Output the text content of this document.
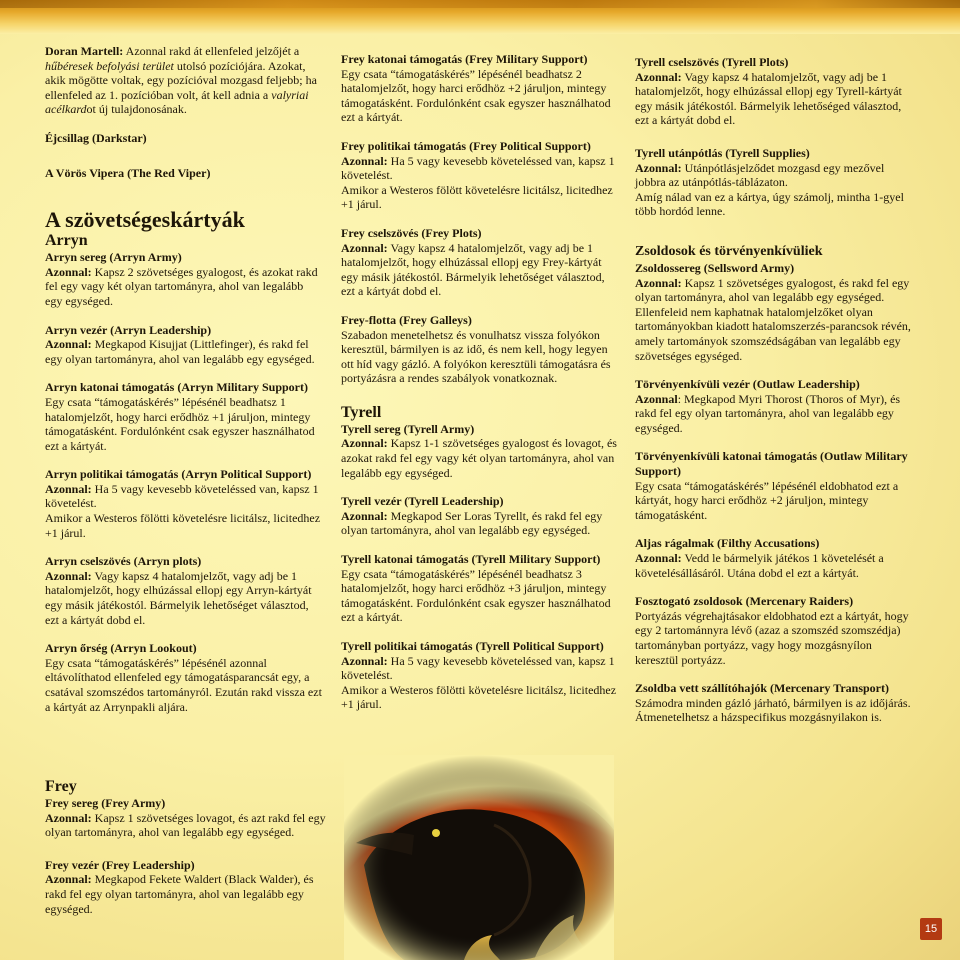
Doran Martell: Azonnal rakd át ellenfeled jelzőjét a hűbéresek befolyási terület utolsó pozíciójára. Azokat, akik mögötte voltak, egy pozícióval mozgasd feljebb; ha ellenfeled az 1. pozícióban volt, át kell adnia a valyriai acélkardot új tulajdonosának.

Éjcsillag (Darkstar)

A Vörös Vipera (The Red Viper)

A szövetségeskártyák

Arryn

Arryn sereg (Arryn Army)

Azonnal: Kapsz 2 szövetséges gyalogost, és azokat rakd fel egy vagy két olyan tartományra, ahol van legalább egy egységed.

Arryn vezér (Arryn Leadership)

Azonnal: Megkapod Kisujjat (Littlefinger), és rakd fel egy olyan tartományra, ahol van legalább egy egységed.

Arryn katonai támogatás (Arryn Military Support)

Egy csata “támogatáskérés” lépésénél beadhatsz 1 hatalomjelzőt, hogy harci erődhöz +1 járuljon, mintegy támogatásként. Fordulónként csak egyszer használhatod ezt a kártyát.

Arryn politikai támogatás (Arryn Political Support)

Azonnal: Ha 5 vagy kevesebb követeléssed van, kapsz 1 követelést.

Amikor a Westeros fölötti követelésre licitálsz, licitedhez +1 járul.

Arryn cselszövés (Arryn plots)

Azonnal: Vagy kapsz 4 hatalomjelzőt, vagy adj be 1 hatalomjelzőt, hogy elhúzással ellopj egy Arryn-kártyát egy másik játékostól. Bármelyik lehetőséget választod, ezt a kártyát dobd el.

Arryn őrség (Arryn Lookout)

Egy csata “támogatáskérés” lépésénél azonnal eltávolíthatod ellenfeled egy támogatásparancsát egy, a csatával szomszédos tartományról. Ezután rakd vissza ezt a kártyát az Arrynpakli aljára.

Frey katonai támogatás (Frey Military Support)

Egy csata “támogatáskérés” lépésénél beadhatsz 2 hatalomjelzőt, hogy harci erődhöz +2 járuljon, mintegy támogatásként. Fordulónként csak egyszer használhatod ezt a kártyát.

Frey politikai támogatás (Frey Political Support)

Azonnal: Ha 5 vagy kevesebb követeléssed van, kapsz 1 követelést.

Amikor a Westeros fölött követelésre licitálsz, licitedhez +1 járul.

Frey cselszövés (Frey Plots)

Azonnal: Vagy kapsz 4 hatalomjelzőt, vagy adj be 1 hatalomjelzőt, hogy elhúzással ellopj egy Frey-kártyát egy másik játékostól. Bármelyik lehetőséget választod, ezt a kártyát dobd el.

Frey-flotta (Frey Galleys)

Szabadon menetelhetsz és vonulhatsz vissza folyókon keresztül, bármilyen is az idő, és nem kell, hogy legyen ott híd vagy gázló. A folyókon keresztüli támogatásra és portyázásra a rendes szabályok vonatkoznak.

Tyrell

Tyrell sereg (Tyrell Army)

Azonnal: Kapsz 1-1 szövetséges gyalogost és lovagot, és azokat rakd fel egy vagy két olyan tartományra, ahol van legalább egy egységed.

Tyrell vezér (Tyrell Leadership)

Azonnal: Megkapod Ser Loras Tyrellt, és rakd fel egy olyan tartományra, ahol van legalább egy egységed.

Tyrell katonai támogatás (Tyrell Military Support)

Egy csata “támogatáskérés” lépésénél beadhatsz 3 hatalomjelzőt, hogy harci erődhöz +3 járuljon, mintegy támogatásként. Fordulónként csak egyszer használhatod ezt a kártyát.

Tyrell politikai támogatás (Tyrell Political Support)

Azonnal: Ha 5 vagy kevesebb követeléssed van, kapsz 1 követelést.

Amikor a Westeros fölötti követelésre licitálsz, licitedhez +1 járul.

Tyrell cselszövés (Tyrell Plots)

Azonnal: Vagy kapsz 4 hatalomjelzőt, vagy adj be 1 hatalomjelzőt, hogy elhúzással ellopj egy Tyrell-kártyát egy másik játékostól. Bármelyik lehetőséged választod, ezt a kártyát dobd el.

Tyrell utánpótlás (Tyrell Supplies)

Azonnal: Utánpótlásjelződet mozgasd egy mezővel jobbra az utánpótlás-táblázaton.

Amíg nálad van ez a kártya, úgy számolj, mintha 1-gyel több hordód lenne.

Zsoldosok és törvényenkívüliek

Zsoldossereg (Sellsword Army)

Azonnal: Kapsz 1 szövetséges gyalogost, és rakd fel egy olyan tartományra, ahol van legalább egy egységed. Ellenfeleid nem kaphatnak hatalomjelzőket olyan tartományokban kiadott hatalomszerzés-parancsok révén, amely tartományok szomszédságában van legalább egy szövetséges egységed.

Törvényenkívüli vezér (Outlaw Leadership)

Azonnal: Megkapod Myri Thorost (Thoros of Myr), és rakd fel egy olyan tartományra, ahol van legalább egy egységed.

Törvényenkívüli katonai támogatás (Outlaw Military Support)

Egy csata “támogatáskérés” lépésénél eldobhatod ezt a kártyát, hogy harci erődhöz +2 járuljon, mintegy támogatásként.

Aljas rágalmak (Filthy Accusations)

Azonnal: Vedd le bármelyik játékos 1 követelését a követelésállásáról. Utána dobd el ezt a kártyát.

Fosztogató zsoldosok (Mercenary Raiders)

Portyázás végrehajtásakor eldobhatod ezt a kártyát, hogy egy 2 tartománnyra lévő (azaz a szomszéd szomszédja) tartományban portyázz, vagy hogy mozgásnyílon keresztül portyázz.

Zsoldba vett szállítóhajók (Mercenary Transport)

Számodra minden gázló járható, bármilyen is az időjárás.

Átmenetelhetsz a házspecifikus mozgásnyilakon is.

Frey

Frey sereg (Frey Army)

Azonnal: Kapsz 1 szövetséges lovagot, és azt rakd fel egy olyan tartományra, ahol van legalább egy egységed.

Frey vezér (Frey Leadership)

Azonnal: Megkapod Fekete Waldert (Black Walder), és rakd fel egy olyan tartományra, ahol van legalább egy egységed.

15
